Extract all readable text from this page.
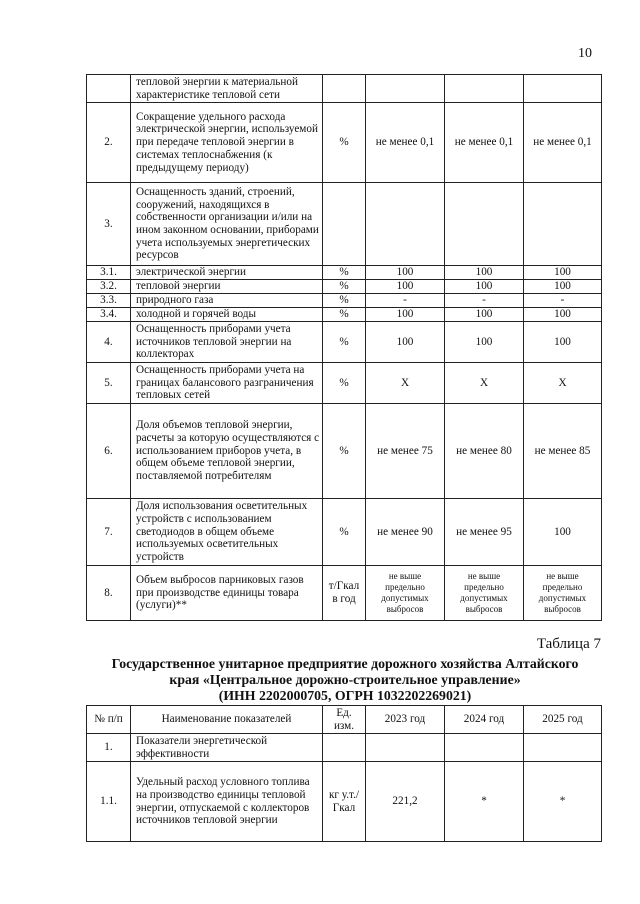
10
	тепловой энергии к материальной характеристике тепловой сети				
2.	Сокращение удельного расхода электрической энергии, используемой при передаче тепловой энергии в системах теплоснабжения (к предыдущему периоду)	%	не менее 0,1	не менее 0,1	не менее 0,1
3.	Оснащенность зданий, строений, сооружений, находящихся в собственности организации и/или на ином законном основании, приборами учета используемых энергетических ресурсов				
3.1.	электрической энергии	%	100	100	100
3.2.	тепловой энергии	%	100	100	100
3.3.	природного газа	%	-	-	-
3.4.	холодной и горячей воды	%	100	100	100
4.	Оснащенность приборами учета источников тепловой энергии на коллекторах	%	100	100	100
5.	Оснащенность приборами учета на границах балансового разграничения тепловых сетей	%	X	X	X
6.	Доля объемов тепловой энергии, расчеты за которую осуществляются с использованием приборов учета, в общем объеме тепловой энергии, поставляемой потребителям	%	не менее 75	не менее 80	не менее 85
7.	Доля использования осветительных устройств с использованием светодиодов в общем объеме используемых осветительных устройств	%	не менее 90	не менее 95	100
8.	Объем выбросов парниковых газов при производстве единицы товара (услуги)**	т/Гкал в год	не выше предельно допустимых выбросов	не выше предельно допустимых выбросов	не выше предельно допустимых выбросов
Таблица 7
Государственное унитарное предприятие дорожного хозяйства Алтайского
края «Центральное дорожно-строительное управление»
(ИНН 2202000705, ОГРН 1032202269021)
№ п/п	Наименование показателей	Ед. изм.	2023 год	2024 год	2025 год
1.	Показатели энергетической эффективности				
1.1.	Удельный расход условного топлива на производство единицы тепловой энергии, отпускаемой с коллекторов источников тепловой энергии	кг у.т./ Гкал	221,2	*	*
